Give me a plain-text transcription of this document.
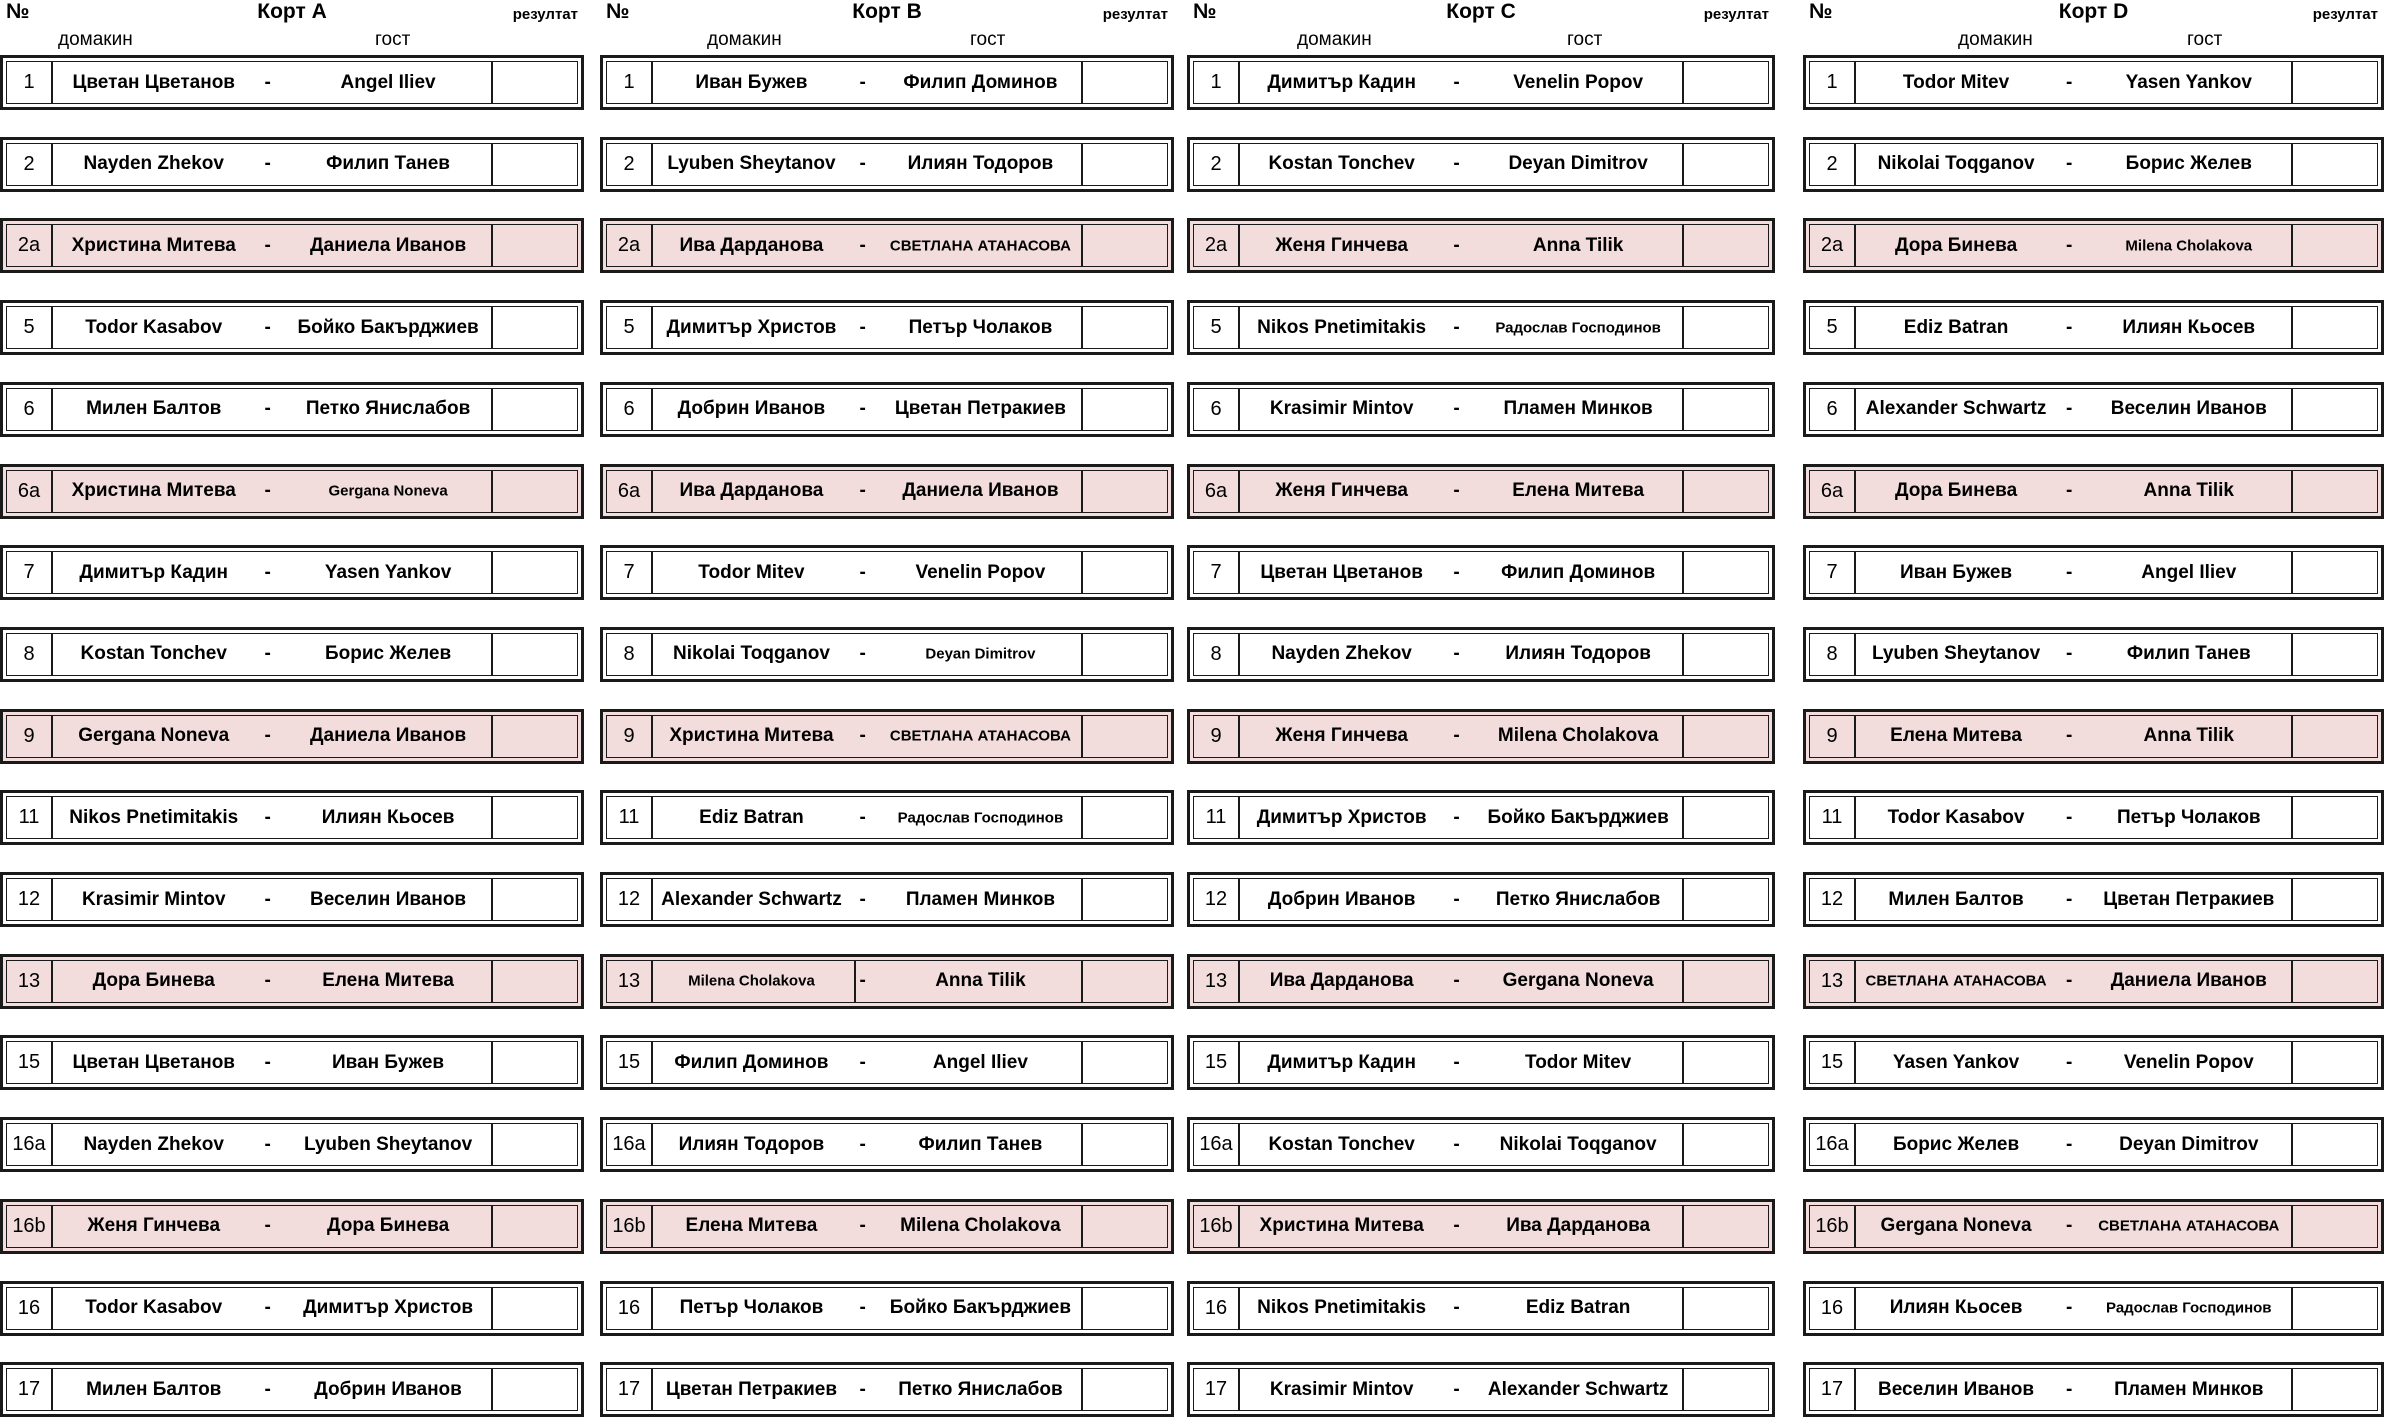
№	Корт A	резултат
домакин	гост
1	Цветан Цветанов	-	Angel Iliev
2	Nayden Zhekov	-	Филип Танев
2a	Христина Митева	-	Даниела Иванов
5	Todor Kasabov	-	Бойко Бакърджиев
6	Милен Балтов	-	Петко Янислабов
6a	Христина Митева	-	Gergana Noneva
7	Димитър Кадин	-	Yasen Yankov
8	Kostan Tonchev	-	Борис Желев
9	Gergana Noneva	-	Даниела Иванов
11	Nikos Pnetimitakis	-	Илиян Кьосев
12	Krasimir Mintov	-	Веселин Иванов
13	Дора Бинева	-	Елена Митева
15	Цветан Цветанов	-	Иван Бужев
16a	Nayden Zhekov	-	Lyuben Sheytanov
16b	Женя Гинчева	-	Дора Бинева
16	Todor Kasabov	-	Димитър Христов
17	Милен Балтов	-	Добрин Иванов
№	Корт B	резултат
домакин	гост
1	Иван Бужев	-	Филип Доминов
2	Lyuben Sheytanov	-	Илиян Тодоров
2a	Ива Дарданова	-	СВЕТЛАНА АТАНАСОВА
5	Димитър Христов	-	Петър Чолаков
6	Добрин Иванов	-	Цветан Петракиев
6a	Ива Дарданова	-	Даниела Иванов
7	Todor Mitev	-	Venelin Popov
8	Nikolai Toqganov	-	Deyan Dimitrov
9	Христина Митева	-	СВЕТЛАНА АТАНАСОВА
11	Ediz Batran	-	Радослав Господинов
12	Alexander Schwartz -	Пламен Минков
13	Milena Cholakova	-	Anna Tilik
15	Филип Доминов	-	Angel Iliev
16a	Илиян Тодоров	-	Филип Танев
16b	Елена Митева	-	Milena Cholakova
16	Петър Чолаков	-	Бойко Бакърджиев
17	Цветан Петракиев	-	Петко Янислабов
№	Корт C	резултат
домакин	гост
1	Димитър Кадин	-	Venelin Popov
2	Kostan Tonchev	-	Deyan Dimitrov
2a	Женя Гинчева	-	Anna Tilik
5	Nikos Pnetimitakis	-	Радослав Господинов
6	Krasimir Mintov	-	Пламен Минков
6a	Женя Гинчева	-	Елена Митева
7	Цветан Цветанов	-	Филип Доминов
8	Nayden Zhekov	-	Илиян Тодоров
9	Женя Гинчева	-	Milena Cholakova
11	Димитър Христов	-	Бойко Бакърджиев
12	Добрин Иванов	-	Петко Янислабов
13	Ива Дарданова	-	Gergana Noneva
15	Димитър Кадин	-	Todor Mitev
16a	Kostan Tonchev	-	Nikolai Toqganov
16b	Христина Митева	-	Ива Дарданова
16	Nikos Pnetimitakis	-	Ediz Batran
17	Krasimir Mintov	-	Alexander Schwartz
№	Корт D	резултат
домакин	гост
1	Todor Mitev	-	Yasen Yankov
2	Nikolai Toqganov	-	Борис Желев
2a	Дора Бинева	-	Milena Cholakova
5	Ediz Batran	-	Илиян Кьосев
6	Alexander Schwartz	-	Веселин Иванов
6a	Дора Бинева	-	Anna Tilik
7	Иван Бужев	-	Angel Iliev
8	Lyuben Sheytanov	-	Филип Танев
9	Елена Митева	-	Anna Tilik
11	Todor Kasabov	-	Петър Чолаков
12	Милен Балтов	-	Цветан Петракиев
13	СВЕТЛАНА АТАНАСОВА	-	Даниела Иванов
15	Yasen Yankov	-	Venelin Popov
16a	Борис Желев	-	Deyan Dimitrov
16b	Gergana Noneva	-	СВЕТЛАНА АТАНАСОВА
16	Илиян Кьосев	-	Радослав Господинов
17	Веселин Иванов	-	Пламен Минков
